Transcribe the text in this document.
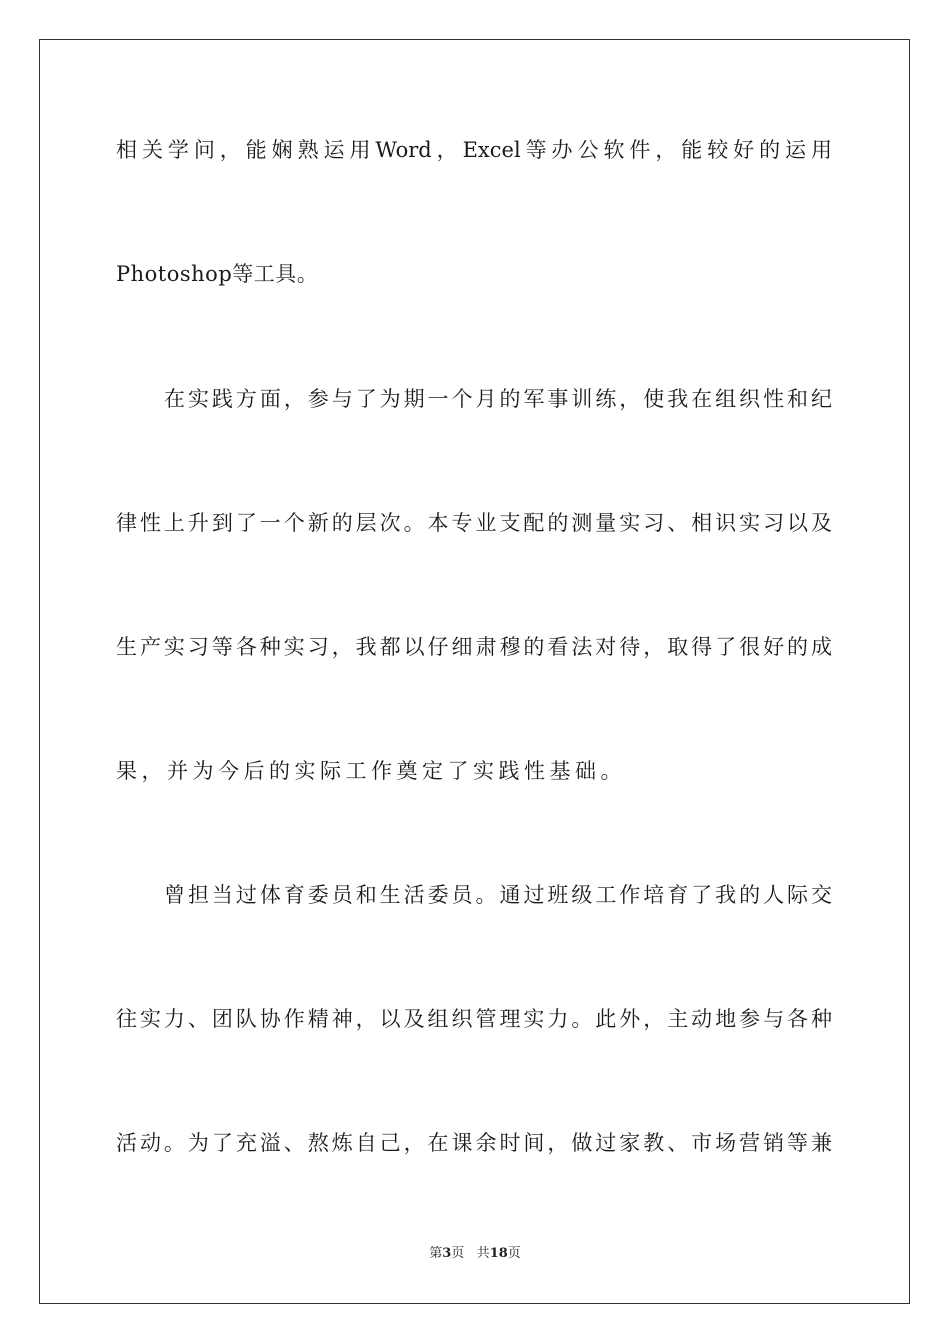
相关学问，能娴熟运用Word，Excel等办公软件，能较好的运用
Photoshop等工具。
在实践方面，参与了为期一个月的军事训练，使我在组织性和纪
律性上升到了一个新的层次。本专业支配的测量实习、相识实习以及
生产实习等各种实习，我都以仔细肃穆的看法对待，取得了很好的成
果，并为今后的实际工作奠定了实践性基础。
曾担当过体育委员和生活委员。通过班级工作培育了我的人际交
往实力、团队协作精神，以及组织管理实力。此外，主动地参与各种
活动。为了充溢、熬炼自己，在课余时间，做过家教、市场营销等兼
第3页 共18页
